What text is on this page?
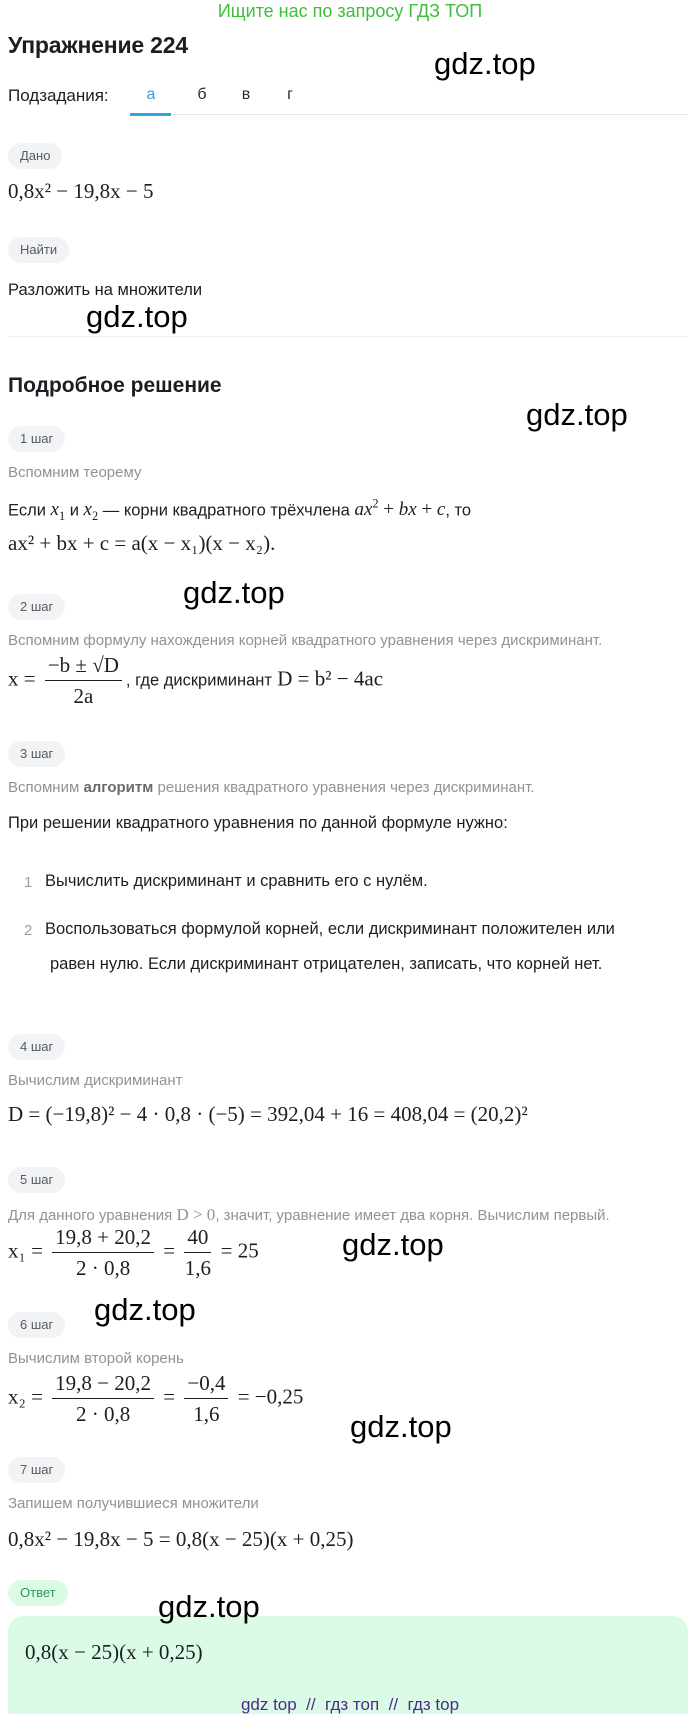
Ищите нас по запросу ГДЗ ТОП
Упражнение 224
gdz.top
Подзадания:	а	б	в	г
Дано
0,8x² − 19,8x − 5
Найти
Разложить на множители
gdz.top
Подробное решение
gdz.top
1 шаг
Вспомним теорему
Если $x_1$ и $x_2$ — корни квадратного трёхчлена $ax^2$ + bx + c, то
ax² + bx + c = a(x − x₁)(x − x₂).
gdz.top
2 шаг
Вспомним формулу нахождения корней квадратного уравнения через дискриминант.
$x = \frac{-b \pm √D}{2a}$ , где дискриминант D = b² − 4ac
3 шаг
Вспомним алгоритм решения квадратного уравнения через дискриминант.
При решении квадратного уравнения по данной формуле нужно:
1 Вычислить дискриминант и сравнить его с нулём.
2 Воспользоваться формулой корней, если дискриминант положителен или
равен нулю. Если дискриминант отрицателен, записать, что корней нет.
4 шаг
Вычислим дискриминант
D = (−19,8)² − 4 · 0,8 · (−5) = 392,04 + 16 = 408,04 = (20,2)²
5 шаг
Для данного уравнения D > 0, значит, уравнение имеет два корня. Вычислим первый.
$x_1 = \frac{19,8 + 20,2}{2 \cdot 0,8} = \frac{40}{1,6} = 25$	gdz.top
gdz.top
6 шаг
Вычислим второй корень
$x_2 = \frac{19,8 - 20,2}{2 \cdot 0,8} = \frac{-0,4}{1,6} = -0,25$
gdz.top
7 шаг
Запишем получившиеся множители
0,8x² − 19,8x − 5 = 0,8(x − 25)(x + 0,25)
Ответ
0,8(x − 25)(x + 0,25)
gdz.top
gdz top  //  гдз топ  //  гдз top
